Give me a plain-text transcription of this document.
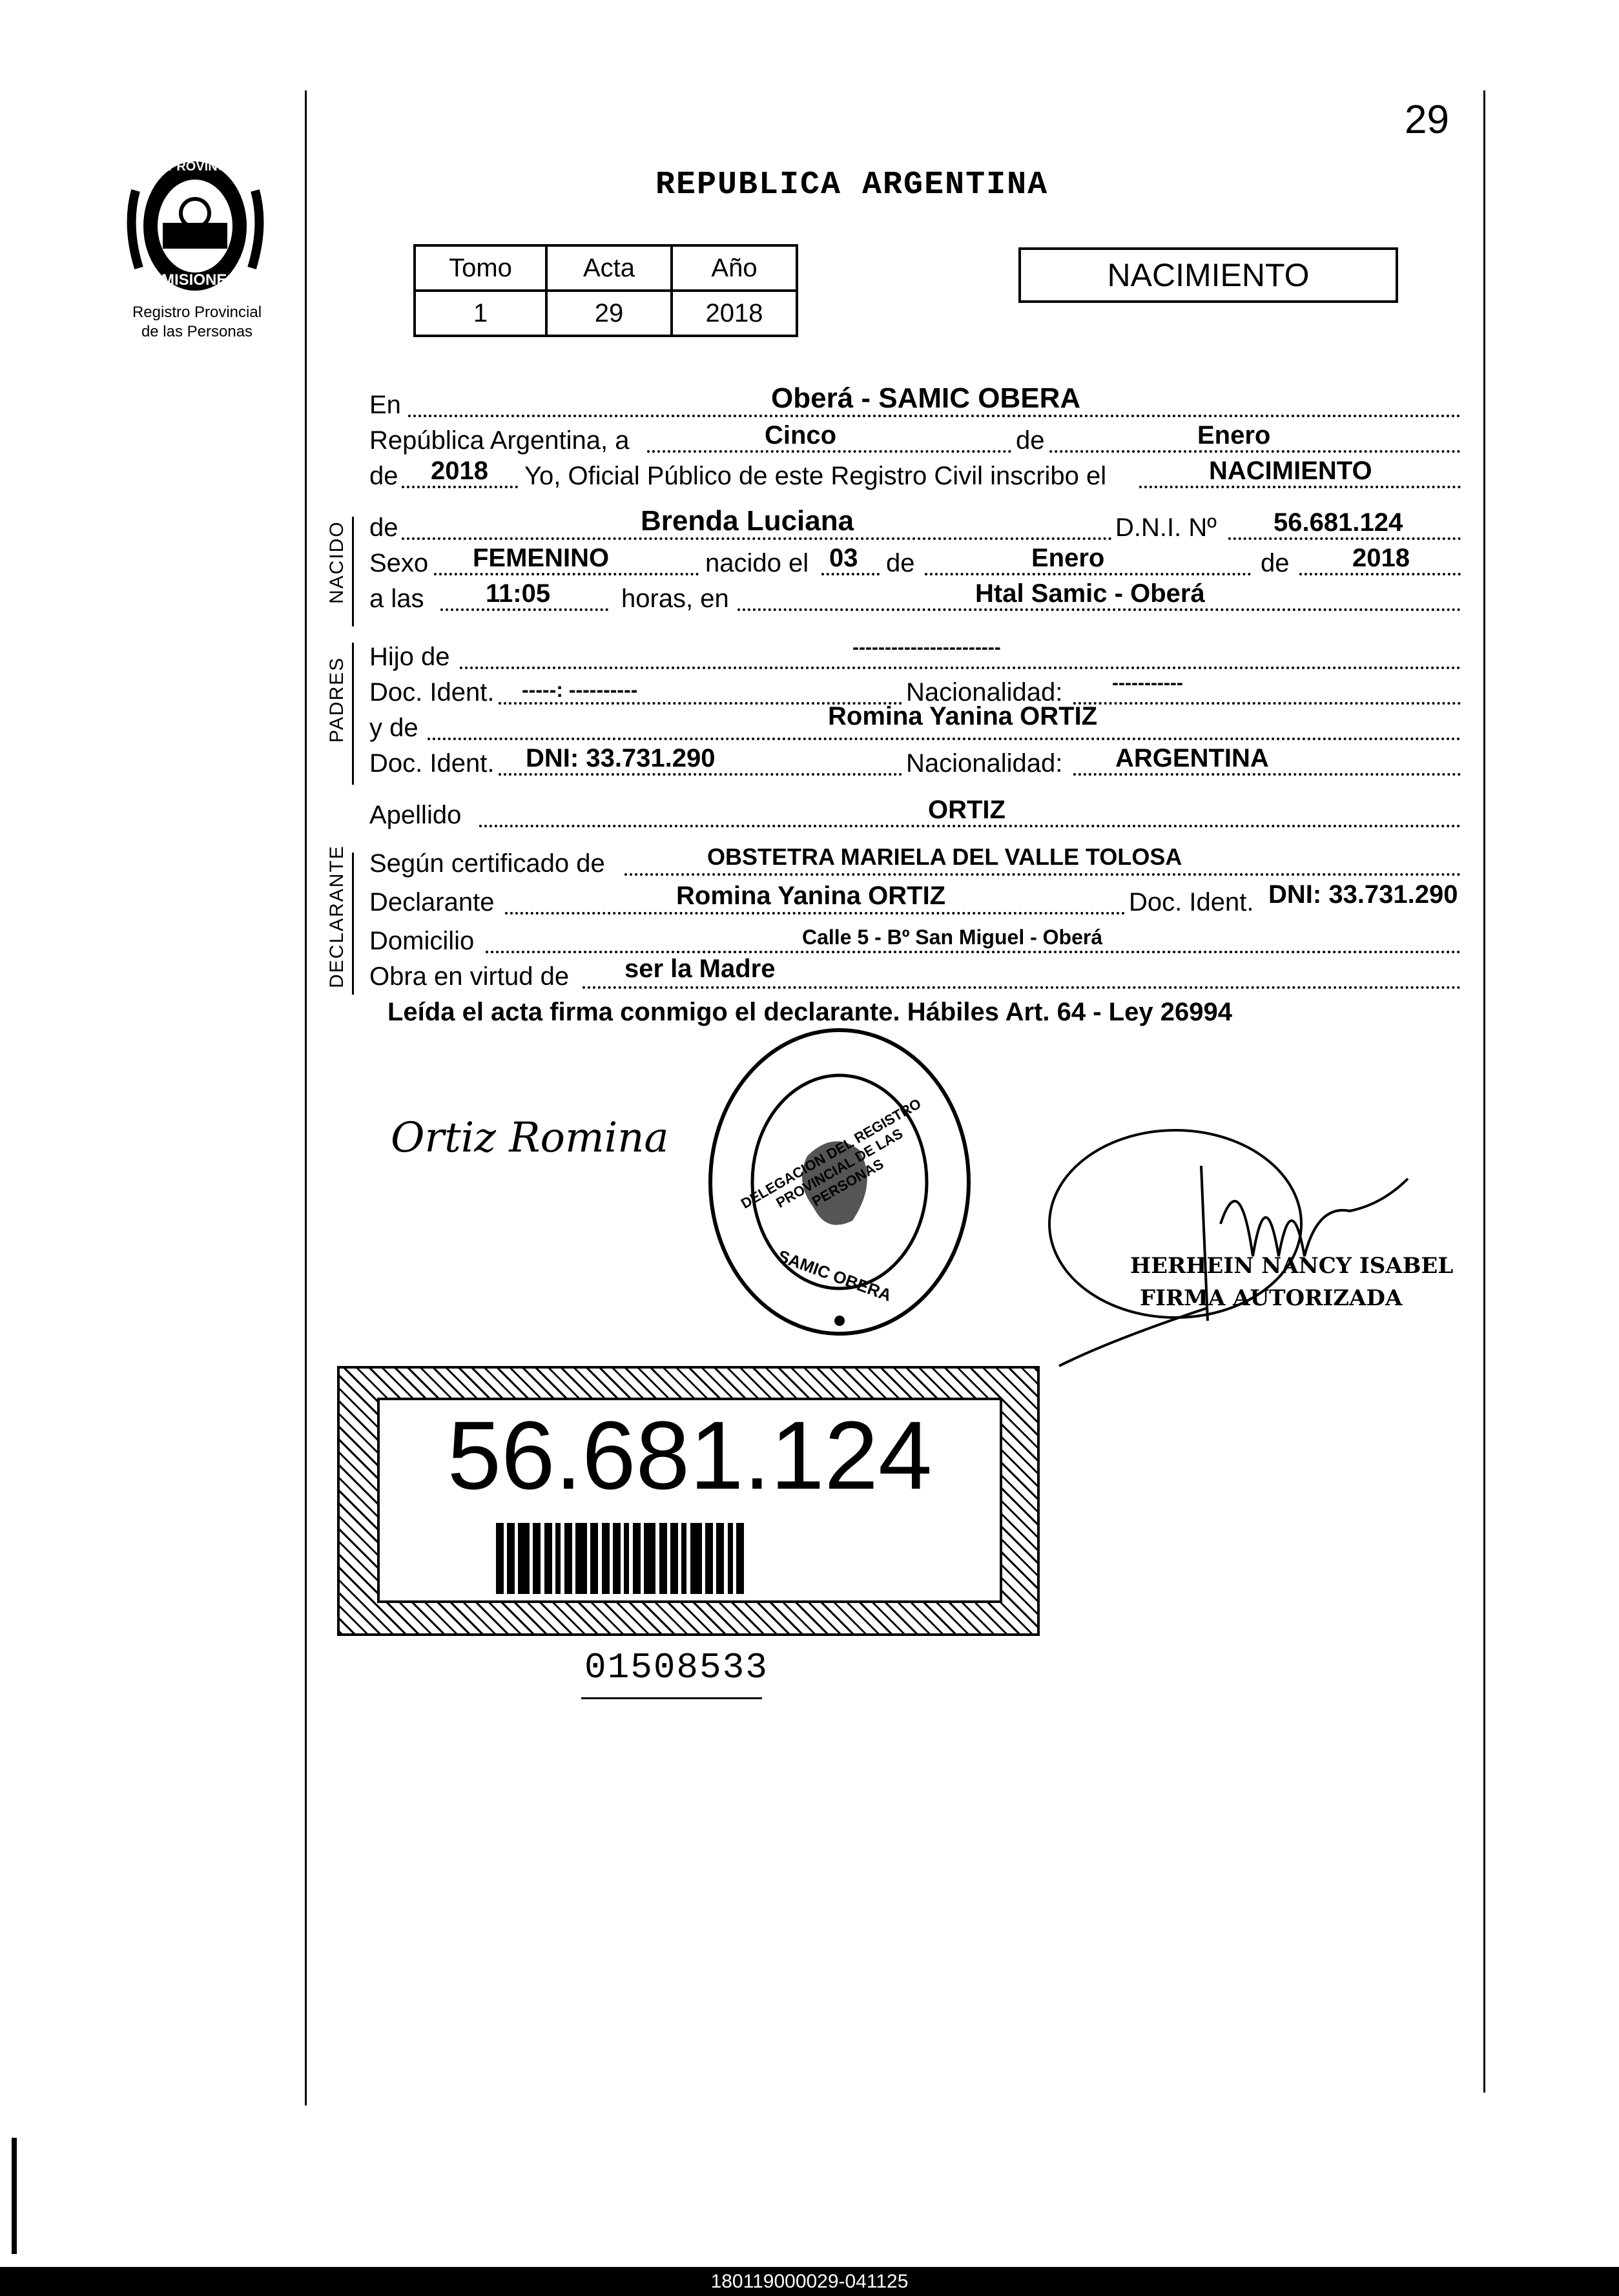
29
PROVINCIA DE
MISIONES
Registro Provincial
de las Personas
REPUBLICA ARGENTINA
Tomo	Acta	Año
1	29	2018
NACIMIENTO
En	Oberá - SAMIC OBERA
República Argentina, a	Cinco	de	Enero
de 2018 Yo, Oficial Público de este Registro Civil inscribo el	NACIMIENTO
NACIDO de	Brenda Luciana	D.N.I. Nº 56.681.124
Sexo FEMENINO	nacido el 03 de	Enero	de 2018
a las 11:05	horas, en	Htal Samic - Oberá
PADRES Hijo de	-----------------------
Doc. Ident. -----: ----------	Nacionalidad:	-----------
y de	Romina Yanina ORTIZ
Doc. Ident. DNI: 33.731.290	Nacionalidad: ARGENTINA
Apellido	ORTIZ
DECLARANTE Según certificado de	OBSTETRA MARIELA DEL VALLE TOLOSA
Declarante	Romina Yanina ORTIZ	Doc. Ident. DNI: 33.731.290
Domicilio	Calle 5 - Bº San Miguel - Oberá
Obra en virtud de ser la Madre
Leída el acta firma conmigo el declarante. Hábiles Art. 64 - Ley 26994
DELEGACION DEL REGISTRO PROVINCIAL DE LAS PERSONAS
SAMIC OBERA
Ortiz Romina
HERHEIN NANCY ISABEL
FIRMA AUTORIZADA
56.681.124
01508533
180119000029-041125
